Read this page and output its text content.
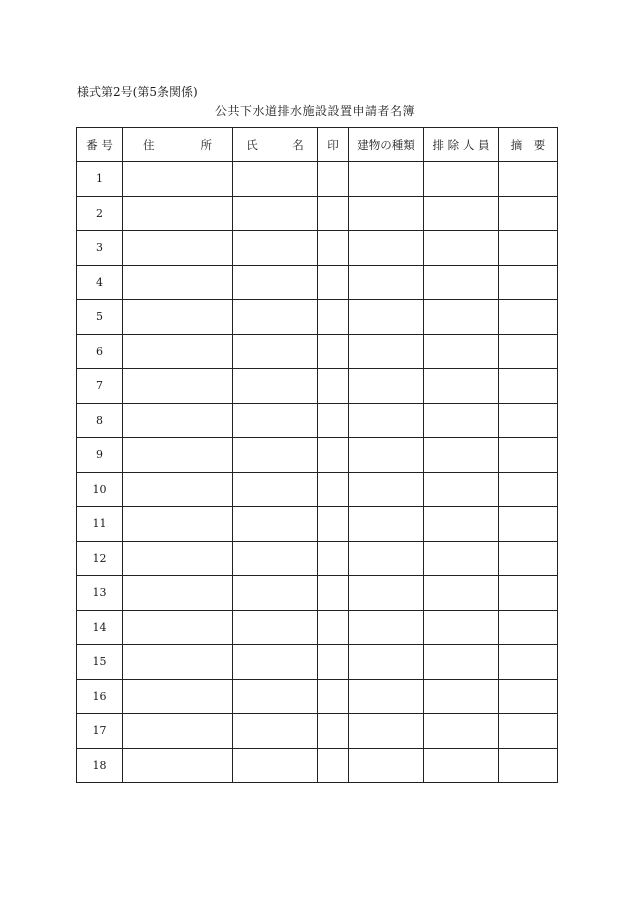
様式第2号(第5条関係)
公共下水道排水施設設置申請者名簿
番 号	住　　　　所	氏　　　名	印	建物の種類	排 除 人 員	摘　要
1						
2						
3						
4						
5						
6						
7						
8						
9						
10						
11						
12						
13						
14						
15						
16						
17						
18						
